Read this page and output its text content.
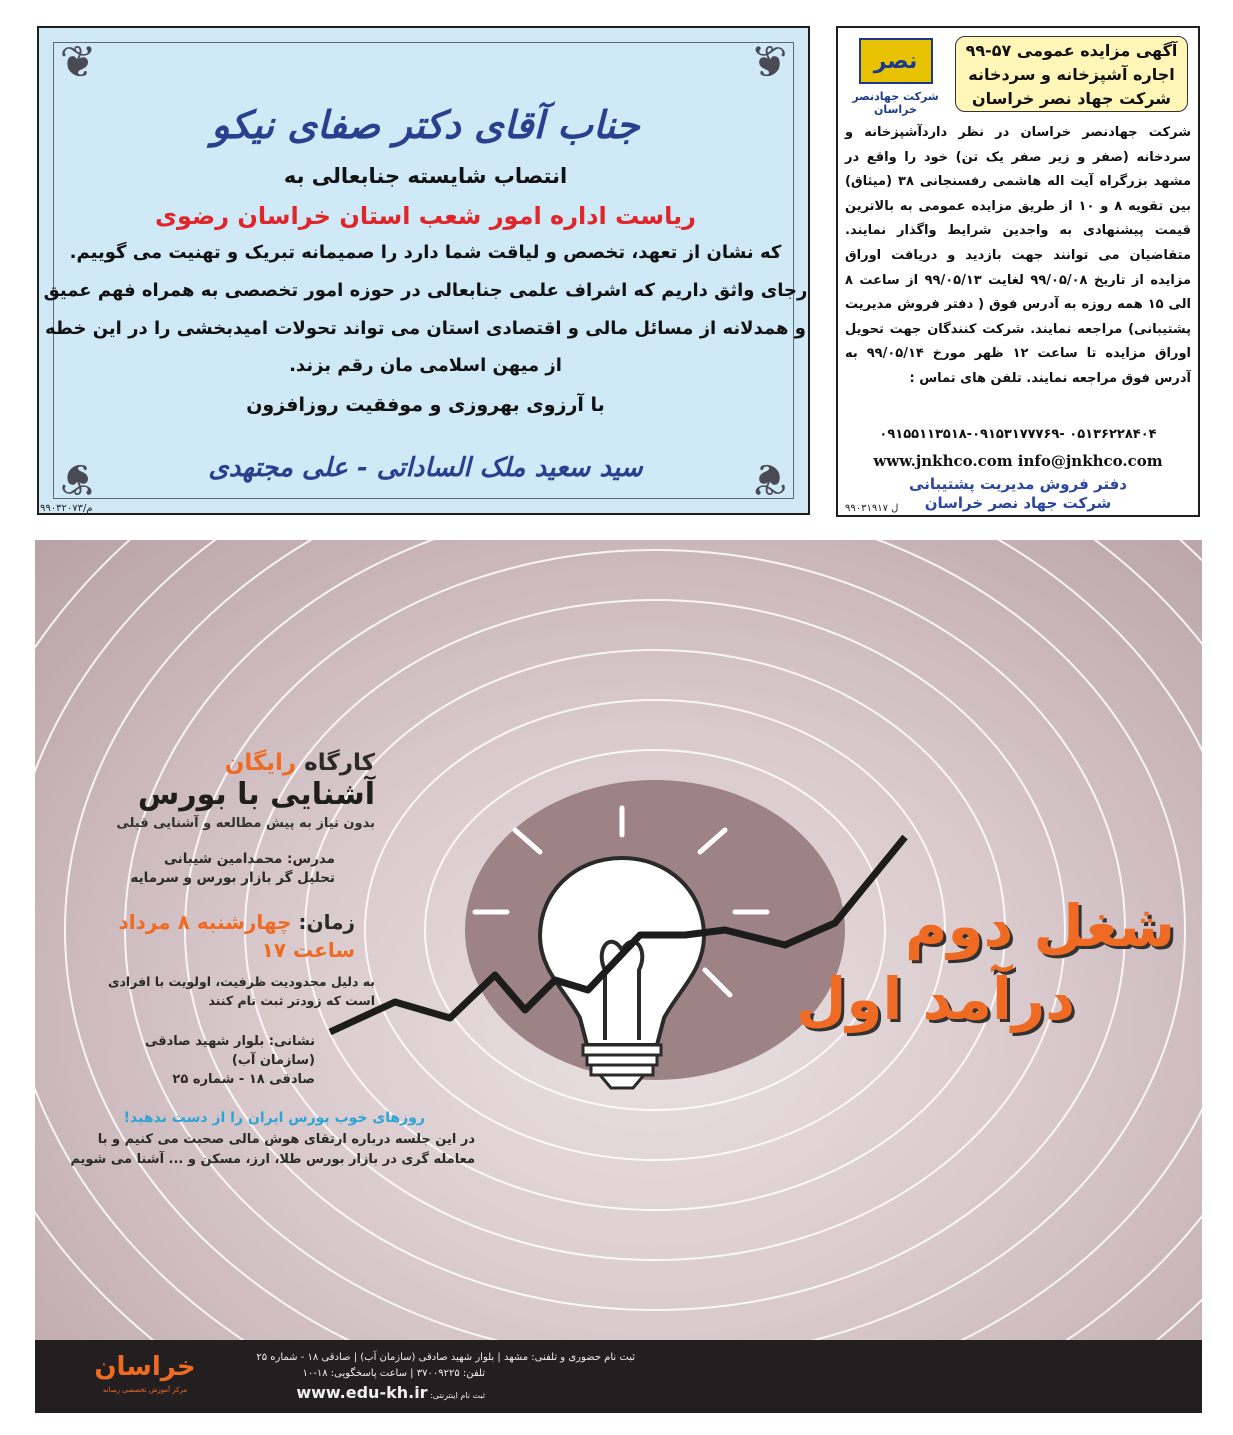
❦	❦
❦	❦
جناب آقای دکتر صفای نیکو
انتصاب شایسته جنابعالی به
ریاست اداره امور شعب استان خراسان رضوی
که نشان از تعهد، تخصص و لیاقت شما دارد را صمیمانه تبریک و تهنیت می گوییم.
رجای واثق داریم که اشراف علمی جنابعالی در حوزه امور تخصصی به همراه فهم عمیق
و همدلانه از مسائل مالی و اقتصادی استان می تواند تحولات امیدبخشی را در این خطه
از میهن اسلامی مان رقم بزند.
با آرزوی بهروزی و موفقیت روزافزون
سید سعید ملک الساداتی - علی مجتهدی
م/۹۹۰۳۲۰۷۳
نصر
شرکت جهادنصر خراسان
آگهی مزایده عمومی ۵۷-۹۹
اجاره آشپزخانه و سردخانه
شرکت جهاد نصر خراسان
شرکت جهادنصر خراسان در نظر داردآشپزخانه و سردخانه (صفر و زیر صفر یک تن) خود را واقع در مشهد بزرگراه آیت اله هاشمی رفسنجانی ۳۸ (میثاق) بین تقویه ۸ و ۱۰ از طریق مزایده عمومی به بالاترین قیمت پیشنهادی به واجدین شرایط واگذار نمایند. متقاضیان می توانند جهت بازدید و دریافت اوراق مزایده از تاریخ ۹۹/۰۵/۰۸ لغایت ۹۹/۰۵/۱۳ از ساعت ۸ الی ۱۵ همه روزه به آدرس فوق ( دفتر فروش مدیریت پشتیبانی) مراجعه نمایند. شرکت کنندگان جهت تحویل اوراق مزایده تا ساعت ۱۲ ظهر مورخ ۹۹/۰۵/۱۴ به آدرس فوق مراجعه نمایند. تلفن های تماس :
۰۹۱۵۵۱۱۳۵۱۸-۰۹۱۵۳۱۷۷۷۶۹- ۰۵۱۳۶۲۲۸۴۰۴
www.jnkhco.com info@jnkhco.com
دفتر فروش مدیریت پشتیبانی
شرکت جهاد نصر خراسان
۹۹۰۳۱۹۱۷ ل
کارگاه رایگان
آشنایی با بورس
بدون نیاز به پیش مطالعه و آشنایی قبلی
مدرس: محمدامین شیبانی
تحلیل گر بازار بورس و سرمایه
زمان: چهارشنبه ۸ مرداد
ساعت ۱۷
به دلیل محدودیت ظرفیت، اولویت با افرادی
است که زودتر ثبت نام کنند
نشانی: بلوار شهید صادقی
(سازمان آب)
صادقی ۱۸ - شماره ۲۵
روزهای خوب بورس ایران را از دست ندهید!
در این جلسه درباره ارتقای هوش مالی صحبت می کنیم و با
معامله گری در بازار بورس طلا، ارز، مسکن و ... آشنا می شویم
شغل دوم
درآمد اول
خراسان
مرکز آموزش تخصصی رسانه
ثبت نام حضوری و تلفنی: مشهد | بلوار شهید صادقی (سازمان آب) | صادقی ۱۸ - شماره ۲۵
تلفن: ۳۷۰۰۹۲۲۵ | ساعت پاسخگویی: ۱۸-۱۰
ثبت نام اینترنتی: www.edu-kh.ir
